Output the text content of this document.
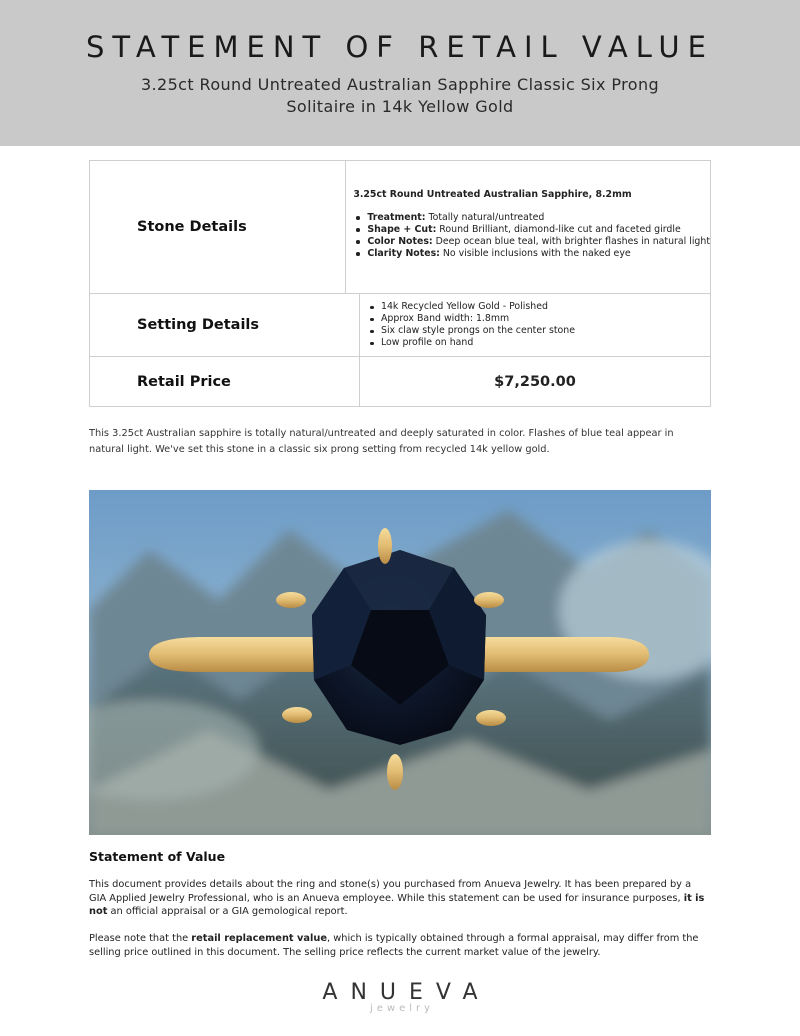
STATEMENT OF RETAIL VALUE
3.25ct Round Untreated Australian Sapphire Classic Six Prong Solitaire in 14k Yellow Gold
Stone Details
3.25ct Round Untreated Australian Sapphire, 8.2mm
Treatment: Totally natural/untreated
Shape + Cut: Round Brilliant, diamond-like cut and faceted girdle
Color Notes: Deep ocean blue teal, with brighter flashes in natural light
Clarity Notes: No visible inclusions with the naked eye
Setting Details
14k Recycled Yellow Gold - Polished
Approx Band width: 1.8mm
Six claw style prongs on the center stone
Low profile on hand
Retail Price	$7,250.00
This 3.25ct Australian sapphire is totally natural/untreated and deeply saturated in color. Flashes of blue teal appear in natural light. We've set this stone in a classic six prong setting from recycled 14k yellow gold.
Statement of Value

This document provides details about the ring and stone(s) you purchased from Anueva Jewelry. It has been prepared by a GIA Applied Jewelry Professional, who is an Anueva employee. While this statement can be used for insurance purposes, it is not an official appraisal or a GIA gemological report.

Please note that the retail replacement value, which is typically obtained through a formal appraisal, may differ from the selling price outlined in this document. The selling price reflects the current market value of the jewelry.

ANUEVA
jewelry
